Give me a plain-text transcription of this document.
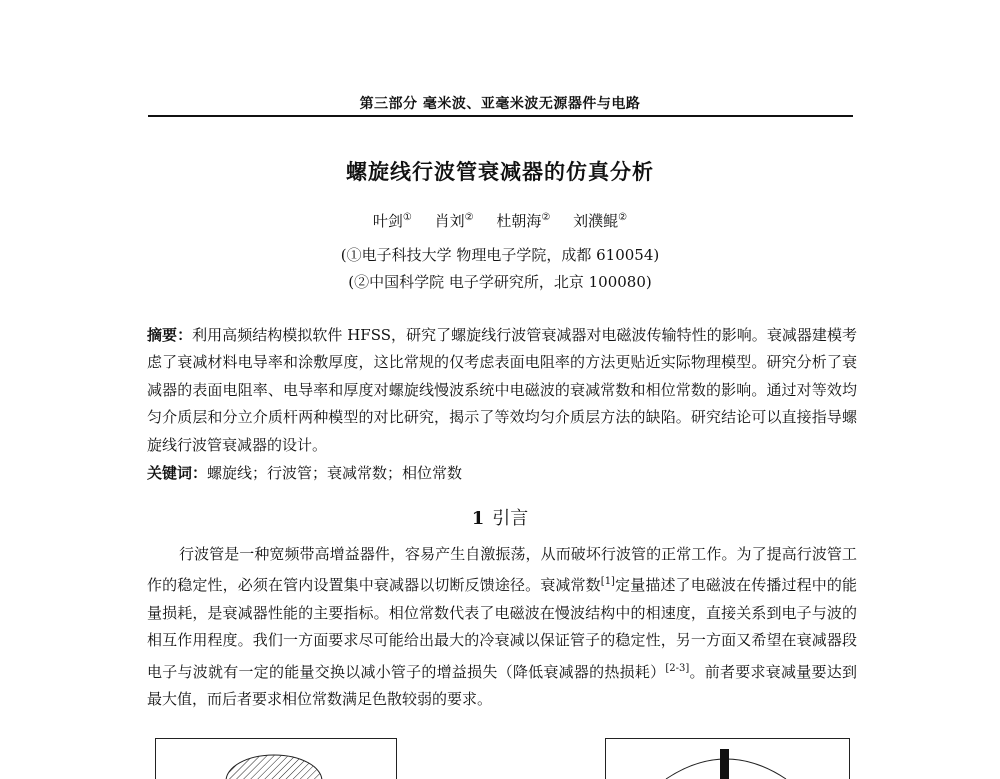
第三部分 毫米波、亚毫米波无源器件与电路
螺旋线行波管衰减器的仿真分析
叶剑① 肖刘② 杜朝海② 刘濮鲲②
(①电子科技大学 物理电子学院，成都 610054)
(②中国科学院 电子学研究所，北京 100080)
摘要：利用高频结构模拟软件 HFSS，研究了螺旋线行波管衰减器对电磁波传输特性的影响。衰减器建模考虑了衰减材料电导率和涂敷厚度，这比常规的仅考虑表面电阻率的方法更贴近实际物理模型。研究分析了衰减器的表面电阻率、电导率和厚度对螺旋线慢波系统中电磁波的衰减常数和相位常数的影响。通过对等效均匀介质层和分立介质杆两种模型的对比研究，揭示了等效均匀介质层方法的缺陷。研究结论可以直接指导螺旋线行波管衰减器的设计。
关键词：螺旋线；行波管；衰减常数；相位常数
1 引言
行波管是一种宽频带高增益器件，容易产生自激振荡，从而破坏行波管的正常工作。为了提高行波管工作的稳定性，必须在管内设置集中衰减器以切断反馈途径。衰减常数[1]定量描述了电磁波在传播过程中的能量损耗，是衰减器性能的主要指标。相位常数代表了电磁波在慢波结构中的相速度，直接关系到电子与波的相互作用程度。我们一方面要求尽可能给出最大的冷衰减以保证管子的稳定性，另一方面又希望在衰减器段电子与波就有一定的能量交换以减小管子的增益损失（降低衰减器的热损耗）[2-3]。前者要求衰减量要达到最大值，而后者要求相位常数满足色散较弱的要求。
